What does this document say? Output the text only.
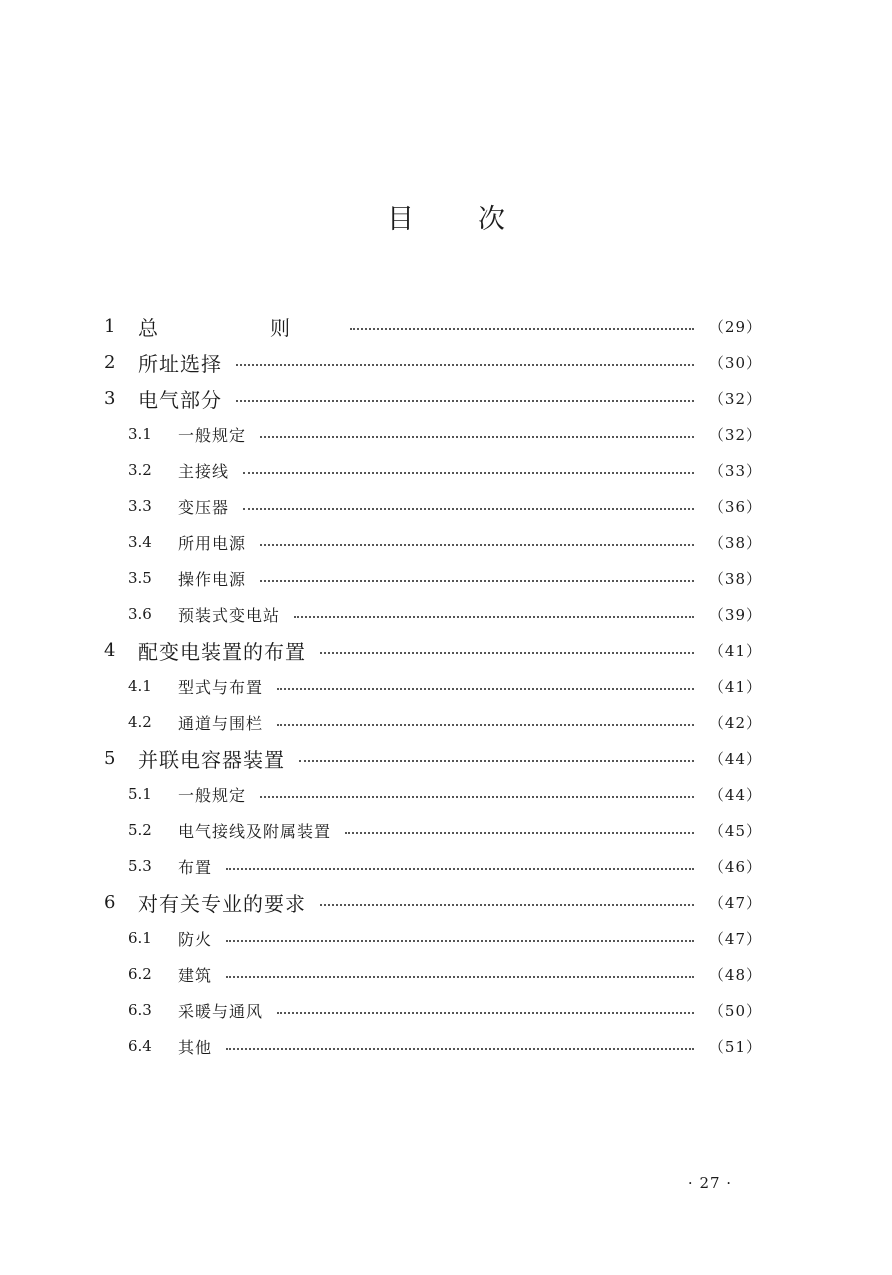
目次
1	总　则	（29）
2	所址选择	（30）
3	电气部分	（32）
3.1	一般规定	（32）
3.2	主接线	（33）
3.3	变压器	（36）
3.4	所用电源	（38）
3.5	操作电源	（38）
3.6	预装式变电站	（39）
4	配变电装置的布置	（41）
4.1	型式与布置	（41）
4.2	通道与围栏	（42）
5	并联电容器装置	（44）
5.1	一般规定	（44）
5.2	电气接线及附属装置	（45）
5.3	布置	（46）
6	对有关专业的要求	（47）
6.1	防火	（47）
6.2	建筑	（48）
6.3	采暖与通风	（50）
6.4	其他	（51）
· 27 ·
